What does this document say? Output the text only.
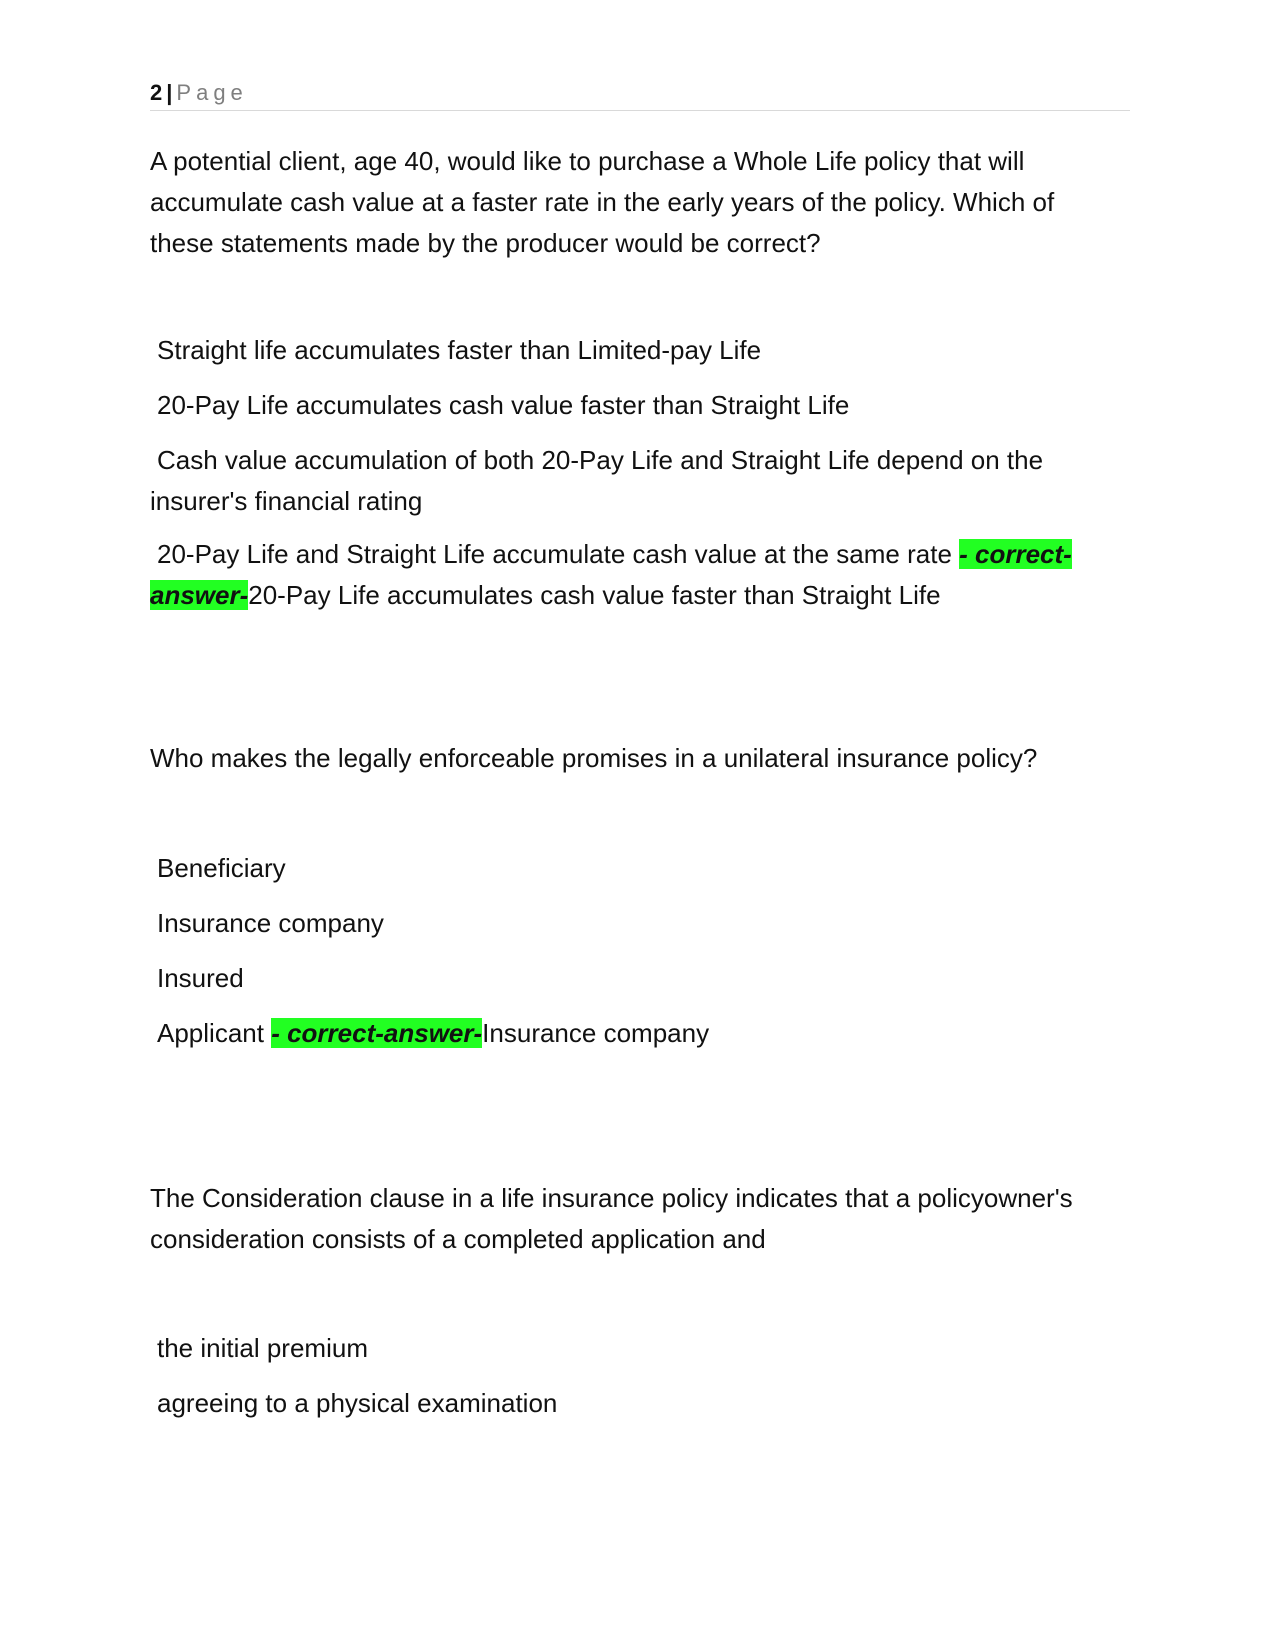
2 | Page

A potential client, age 40, would like to purchase a Whole Life policy that will accumulate cash value at a faster rate in the early years of the policy. Which of these statements made by the producer would be correct?

Straight life accumulates faster than Limited-pay Life

20-Pay Life accumulates cash value faster than Straight Life

Cash value accumulation of both 20-Pay Life and Straight Life depend on the insurer's financial rating

20-Pay Life and Straight Life accumulate cash value at the same rate - correct-
answer-20-Pay Life accumulates cash value faster than Straight Life

Who makes the legally enforceable promises in a unilateral insurance policy?

Beneficiary

Insurance company

Insured

Applicant - correct-answer-Insurance company

The Consideration clause in a life insurance policy indicates that a policyowner's consideration consists of a completed application and

the initial premium

agreeing to a physical examination
